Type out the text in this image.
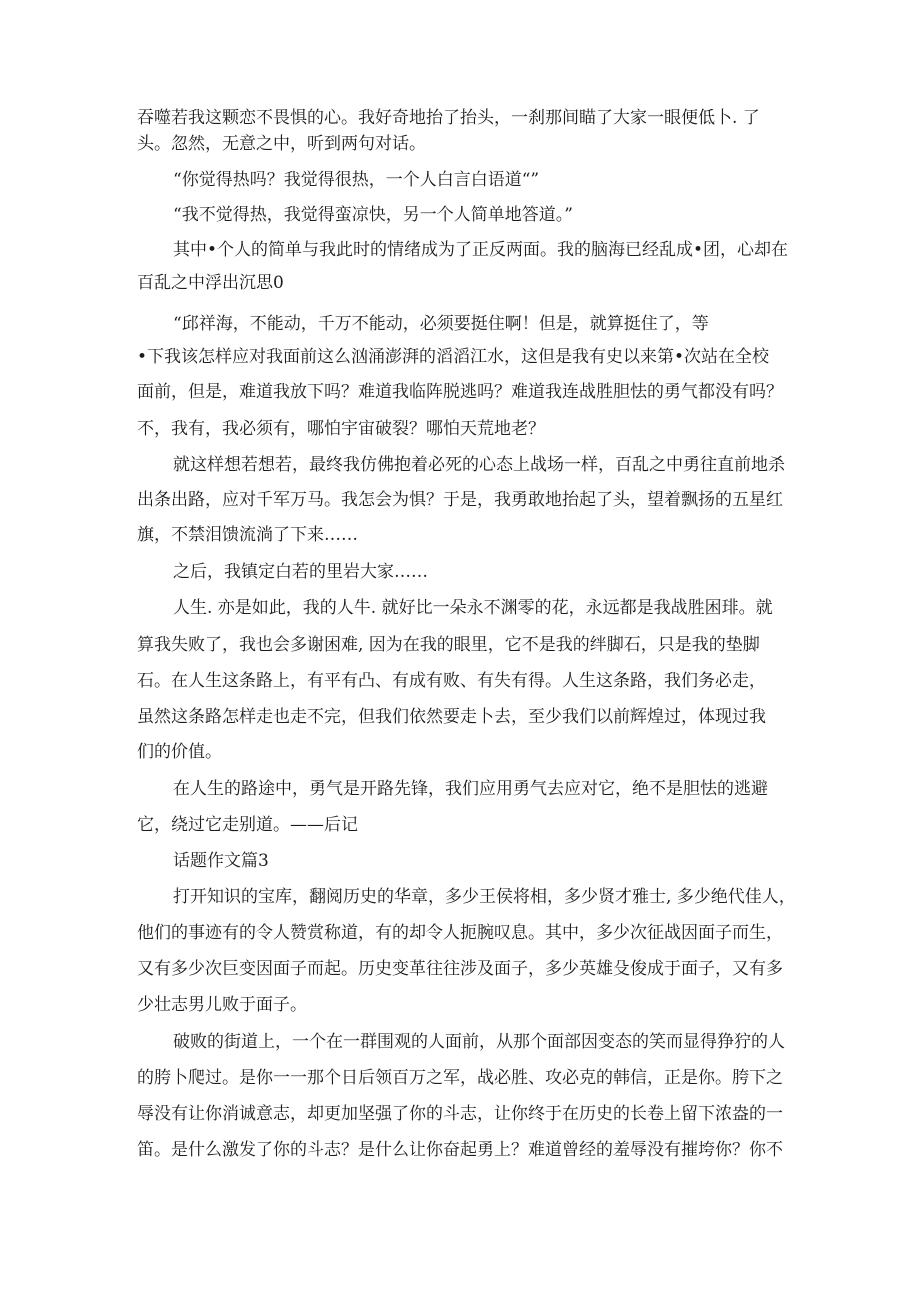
吞噬若我这颗恋不畏惧的心。我好奇地抬了抬头，一刹那间瞄了大家一眼便低卜. 了
头。忽然，无意之中，听到两句对话。
“你觉得热吗？我觉得很热，一个人白言白语道“”
“我不觉得热，我觉得蛮凉快，另一个人简单地答道。”
其中•个人的简单与我此时的情绪成为了正反两面。我的脑海已经乱成•团，心却在
百乱之中浮出沉思0
“邱祥海，不能动，千万不能动，必须要挺住啊！但是，就算挺住了，等
•下我该怎样应对我面前这么汹涌澎湃的滔滔江水，这但是我有史以来第•次站在全校
面前，但是，难道我放下吗？难道我临阵脱逃吗？难道我连战胜胆怯的勇气都没有吗？
不，我有，我必须有，哪怕宇宙破裂？哪怕天荒地老？
就这样想若想若，最终我仿佛抱着必死的心态上战场一样，百乱之中勇往直前地杀
出条出路，应对千军万马。我怎会为惧？于是，我勇敢地抬起了头，望着飘扬的五星红
旗，不禁泪馈流淌了下来……
之后，我镇定白若的里岩大家……
人生. 亦是如此，我的人牛. 就好比一朵永不渊零的花，永远都是我战胜困琲。就
算我失败了，我也会多谢困难, 因为在我的眼里，它不是我的绊脚石，只是我的垫脚
石。在人生这条路上，有平有凸、有成有败、有失有得。人生这条路，我们务必走，
虽然这条路怎样走也走不完，但我们依然要走卜去，至少我们以前辉煌过，体现过我
们的价值。
在人生的路途中，勇气是开路先锋，我们应用勇气去应对它，绝不是胆怯的逃避
它，绕过它走别道。——后记
话题作文篇3
打开知识的宝库，翻阅历史的华章，多少王侯将相，多少贤才雅士, 多少绝代佳人，
他们的事迹有的令人赞赏称道，有的却令人扼腕叹息。其中，多少次征战因面子而生，
又有多少次巨变因面子而起。历史变革往往涉及面子，多少英雄殳俊成于面子，又有多
少壮志男儿败于面子。
破败的街道上，一个在一群围观的人面前，从那个面部因变态的笑而显得狰狞的人
的胯卜爬过。是你一一那个日后领百万之军，战必胜、攻必克的韩信，正是你。胯下之
辱没有让你消诚意志，却更加坚强了你的斗志，让你终于在历史的长卷上留下浓盎的一
笛。是什么激发了你的斗志？是什么让你奋起勇上？难道曾经的羞辱没有摧垮你？你不
